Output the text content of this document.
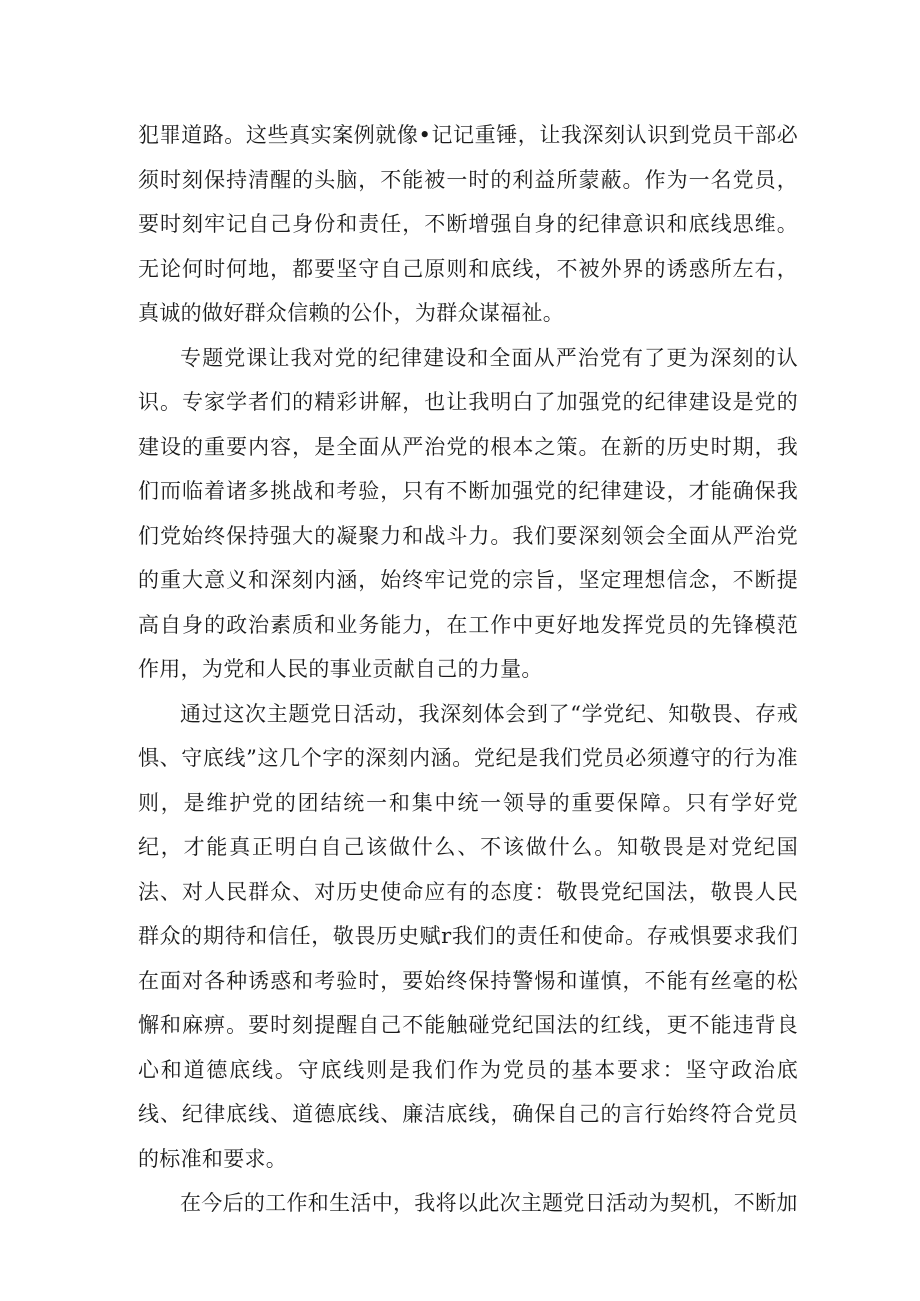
犯罪道路。这些真实案例就像•记记重锤，让我深刻认识到党员干部必须时刻保持清醒的头脑，不能被一时的利益所蒙蔽。作为一名党员，要时刻牢记自己身份和责任，不断增强自身的纪律意识和底线思维。无论何时何地，都要坚守自己原则和底线，不被外界的诱惑所左右，真诚的做好群众信赖的公仆，为群众谋福祉。

专题党课让我对党的纪律建设和全面从严治党有了更为深刻的认识。专家学者们的精彩讲解，也让我明白了加强党的纪律建设是党的建设的重要内容，是全面从严治党的根本之策。在新的历史时期，我们而临着诸多挑战和考验，只有不断加强党的纪律建设，才能确保我们党始终保持强大的凝聚力和战斗力。我们要深刻领会全面从严治党的重大意义和深刻内涵，始终牢记党的宗旨，坚定理想信念，不断提高自身的政治素质和业务能力，在工作中更好地发挥党员的先锋模范作用，为党和人民的事业贡献自己的力量。

通过这次主题党日活动，我深刻体会到了“学党纪、知敬畏、存戒惧、守底线”这几个字的深刻内涵。党纪是我们党员必须遵守的行为准则，是维护党的团结统一和集中统一领导的重要保障。只有学好党纪，才能真正明白自己该做什么、不该做什么。知敬畏是对党纪国法、对人民群众、对历史使命应有的态度：敬畏党纪国法，敬畏人民群众的期待和信任，敬畏历史赋r我们的责任和使命。存戒惧要求我们在面对各种诱惑和考验时，要始终保持警惕和谨慎，不能有丝毫的松懈和麻痹。要时刻提醒自己不能触碰党纪国法的红线，更不能违背良心和道德底线。守底线则是我们作为党员的基本要求：坚守政治底线、纪律底线、道德底线、廉洁底线，确保自己的言行始终符合党员的标准和要求。

在今后的工作和生活中，我将以此次主题党日活动为契机，不断加
